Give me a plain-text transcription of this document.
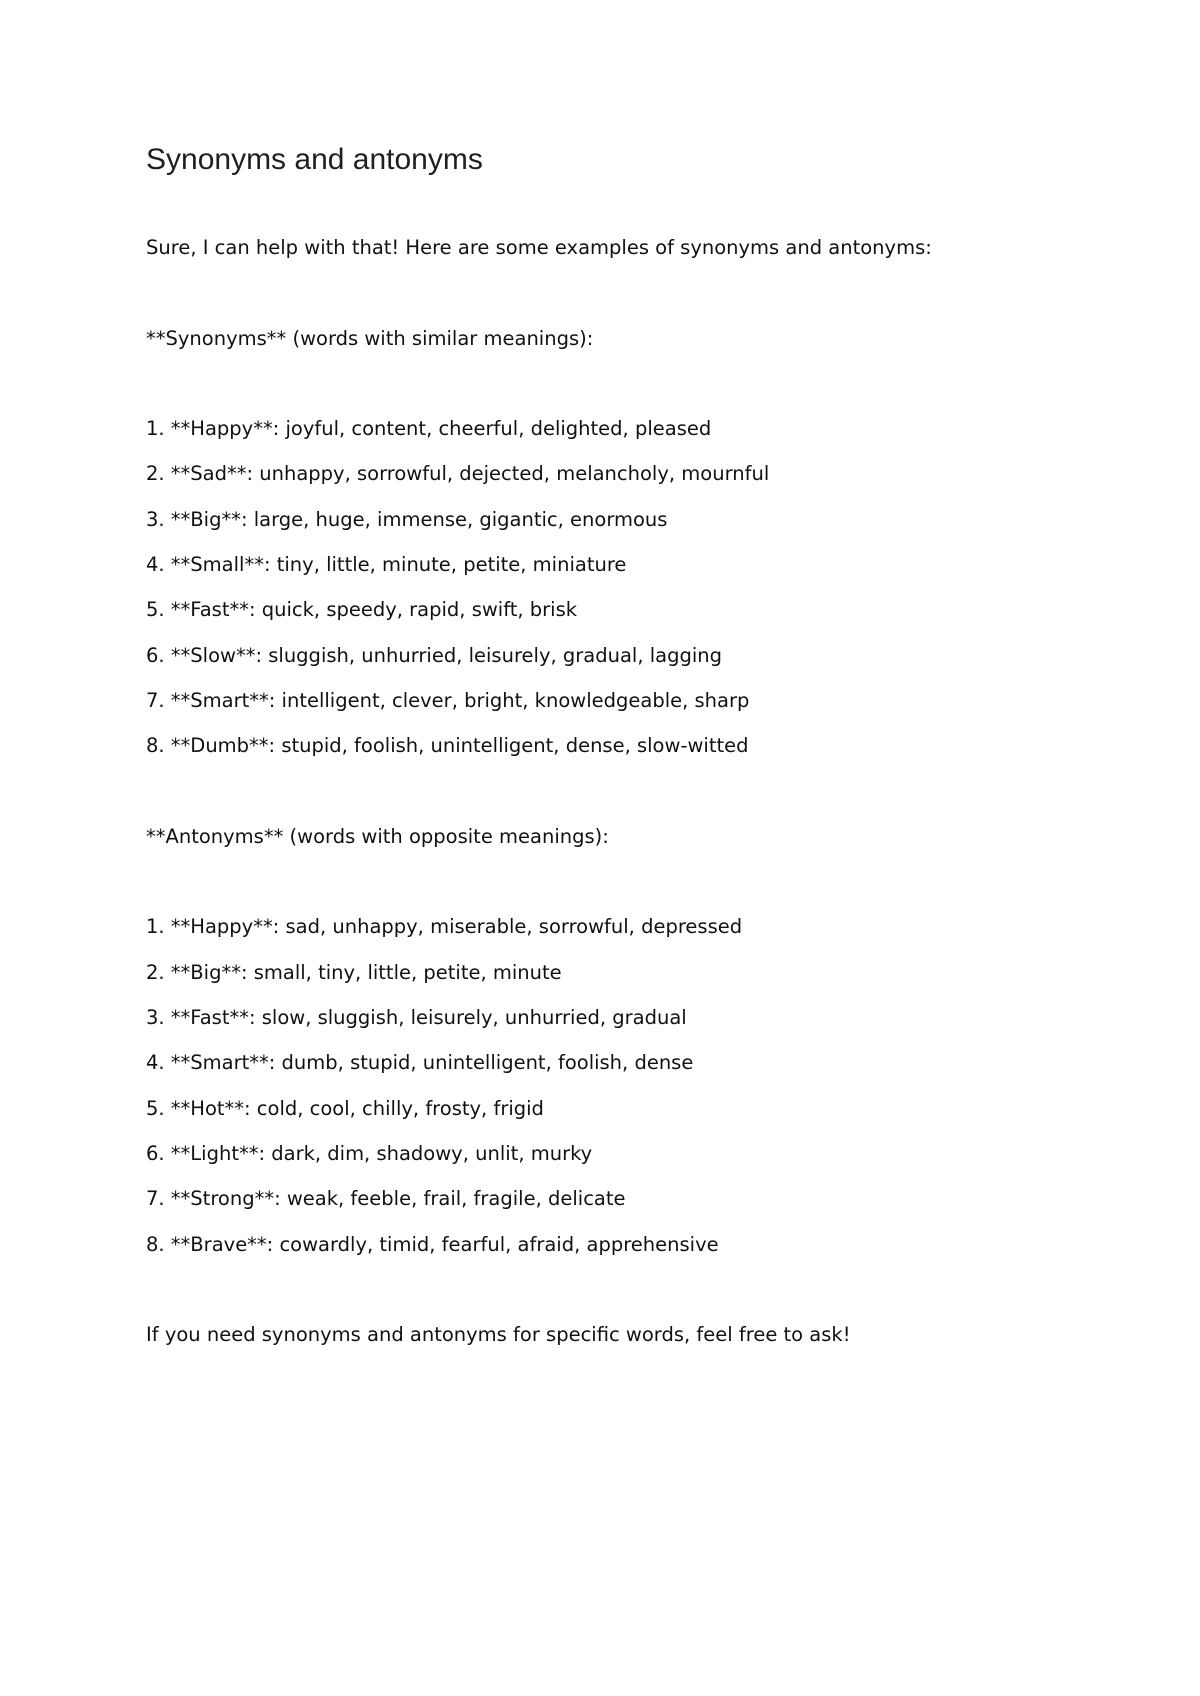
Synonyms and antonyms
Sure, I can help with that! Here are some examples of synonyms and antonyms:
**Synonyms** (words with similar meanings):
1. **Happy**: joyful, content, cheerful, delighted, pleased
2. **Sad**: unhappy, sorrowful, dejected, melancholy, mournful
3. **Big**: large, huge, immense, gigantic, enormous
4. **Small**: tiny, little, minute, petite, miniature
5. **Fast**: quick, speedy, rapid, swift, brisk
6. **Slow**: sluggish, unhurried, leisurely, gradual, lagging
7. **Smart**: intelligent, clever, bright, knowledgeable, sharp
8. **Dumb**: stupid, foolish, unintelligent, dense, slow-witted
**Antonyms** (words with opposite meanings):
1. **Happy**: sad, unhappy, miserable, sorrowful, depressed
2. **Big**: small, tiny, little, petite, minute
3. **Fast**: slow, sluggish, leisurely, unhurried, gradual
4. **Smart**: dumb, stupid, unintelligent, foolish, dense
5. **Hot**: cold, cool, chilly, frosty, frigid
6. **Light**: dark, dim, shadowy, unlit, murky
7. **Strong**: weak, feeble, frail, fragile, delicate
8. **Brave**: cowardly, timid, fearful, afraid, apprehensive
If you need synonyms and antonyms for specific words, feel free to ask!
